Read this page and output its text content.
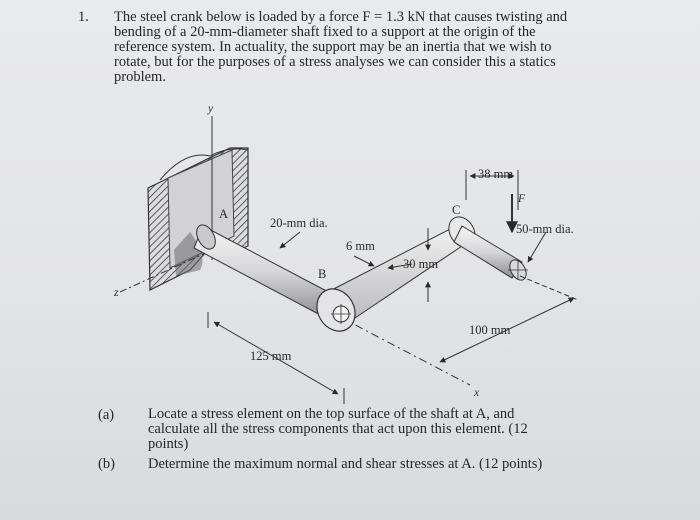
1. The steel crank below is loaded by a force F = 1.3 kN that causes twisting and
bending of a 20-mm-diameter shaft fixed to a support at the origin of the
reference system. In actuality, the support may be an inertia that we wish to
rotate, but for the purposes of a stress analyses we can consider this a statics
problem.
y
z
x
A
B
C
F
20-mm dia.	50-mm dia.
6 mm
30 mm
38 mm
125 mm
100 mm
(a) Locate a stress element on the top surface of the shaft at A, and
calculate all the stress components that act upon this element. (12
points)
(b) Determine the maximum normal and shear stresses at A. (12 points)
